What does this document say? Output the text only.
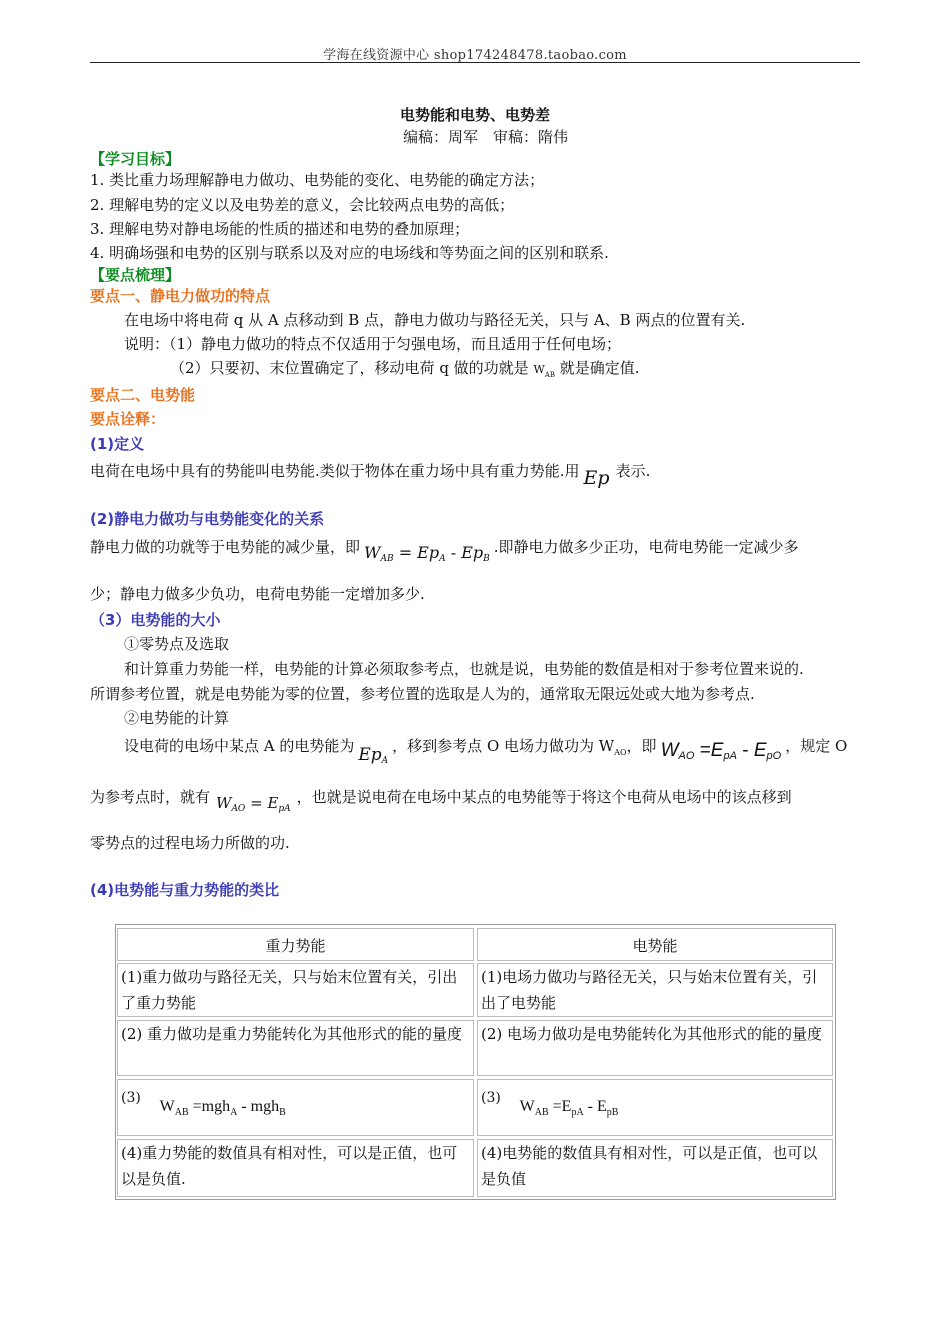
学海在线资源中心 shop174248478.taobao.com
电势能和电势、电势差
编稿：周军 审稿：隋伟
【学习目标】
1. 类比重力场理解静电力做功、电势能的变化、电势能的确定方法；
2. 理解电势的定义以及电势差的意义，会比较两点电势的高低；
3. 理解电势对静电场能的性质的描述和电势的叠加原理；
4. 明确场强和电势的区别与联系以及对应的电场线和等势面之间的区别和联系.
【要点梳理】
要点一、静电力做功的特点
在电场中将电荷 q 从 A 点移动到 B 点，静电力做功与路径无关，只与 A、B 两点的位置有关.
说明：（1）静电力做功的特点不仅适用于匀强电场，而且适用于任何电场；
（2）只要初、末位置确定了，移动电荷 q 做的功就是 $W_{AB}$ 就是确定值.
要点二、电势能
要点诠释：
(1)定义
电荷在电场中具有的势能叫电势能.类似于物体在重力场中具有重力势能.用 Ep 表示.
(2)静电力做功与电势能变化的关系
静电力做的功就等于电势能的减少量，即 $W_{AB} = Ep_A - Ep_B$.即静电力做多少正功，电荷电势能一定减少多
少；静电力做多少负功，电荷电势能一定增加多少.
（3）电势能的大小
①零势点及选取
和计算重力势能一样，电势能的计算必须取参考点，也就是说，电势能的数值是相对于参考位置来说的.
所谓参考位置，就是电势能为零的位置，参考位置的选取是人为的，通常取无限远处或大地为参考点.
②电势能的计算
设电荷的电场中某点 A 的电势能为 $Ep_A$，移到参考点 O 电场力做功为 $W_{AO}$，即 $W_{AO} =E_{pA} - E_{pO}$，规定 O
为参考点时，就有 $W_{AO} = E_{pA}$，也就是说电荷在电场中某点的电势能等于将这个电荷从电场中的该点移到
零势点的过程电场力所做的功.
(4)电势能与重力势能的类比
重力势能	电势能
(1)重力做功与路径无关，只与始末位置有关，引出了重力势能
(1)电场力做功与路径无关，只与始末位置有关，引出了电势能
(2) 重力做功是重力势能转化为其他形式的能的量度	(2) 电场力做功是电势能转化为其他形式的能的量度
(3) $W_{AB} =mgh_A - mgh_B$
(3) $W_{AB} =E_{pA} - E_{pB}$
(4)重力势能的数值具有相对性，可以是正值，也可以是负值.
(4)电势能的数值具有相对性，可以是正值，也可以是负值
